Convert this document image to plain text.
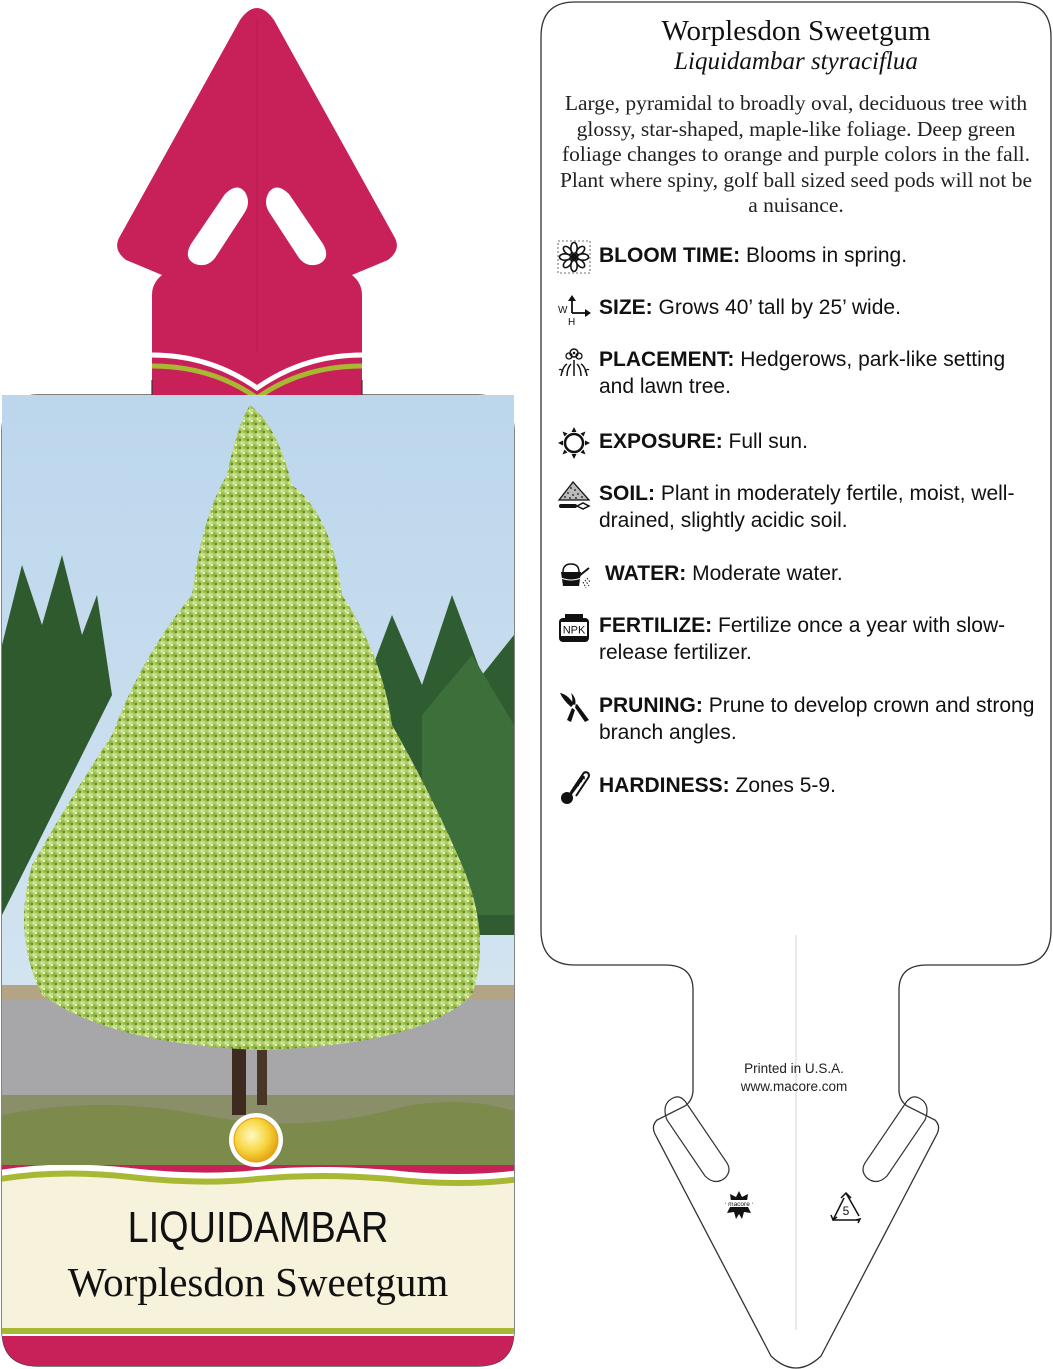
LIQUIDAMBAR
Worplesdon Sweetgum
Worplesdon Sweetgum
Liquidambar styraciflua
Large, pyramidal to broadly oval, deciduous tree with glossy, star-shaped, maple-like foliage. Deep green foliage changes to orange and purple colors in the fall. Plant where spiny, golf ball sized seed pods will not be a nuisance.
BLOOM TIME: Blooms in spring.
W
H
SIZE: Grows 40’ tall by 25’ wide.
PLACEMENT: Hedgerows, park-like setting and lawn tree.
EXPOSURE: Full sun.
SOIL: Plant in moderately fertile, moist, well-drained, slightly acidic soil.
WATER: Moderate water.
NPK FERTILIZE: Fertilize once a year with slow-release fertilizer.
PRUNING: Prune to develop crown and strong branch angles.
HARDINESS: Zones 5-9.
Printed in U.S.A.
www.macore.com
macore	5
